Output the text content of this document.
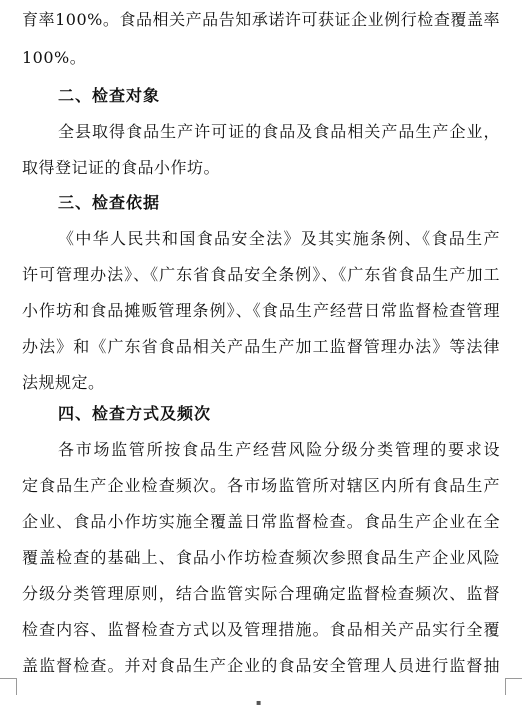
育率100%。食品相关产品告知承诺许可获证企业例行检查覆盖率
100%。
二、检查对象
全县取得食品生产许可证的食品及食品相关产品生产企业，
取得登记证的食品小作坊。
三、检查依据
《中华人民共和国食品安全法》及其实施条例、《食品生产
许可管理办法》、《广东省食品安全条例》、《广东省食品生产加工
小作坊和食品摊贩管理条例》、《食品生产经营日常监督检查管理
办法》和《广东省食品相关产品生产加工监督管理办法》等法律
法规规定。
四、检查方式及频次
各市场监管所按食品生产经营风险分级分类管理的要求设
定食品生产企业检查频次。各市场监管所对辖区内所有食品生产
企业、食品小作坊实施全覆盖日常监督检查。食品生产企业在全
覆盖检查的基础上、食品小作坊检查频次参照食品生产企业风险
分级分类管理原则，结合监管实际合理确定监督检查频次、监督
检查内容、监督检查方式以及管理措施。食品相关产品实行全覆
盖监督检查。并对食品生产企业的食品安全管理人员进行监督抽
▪
